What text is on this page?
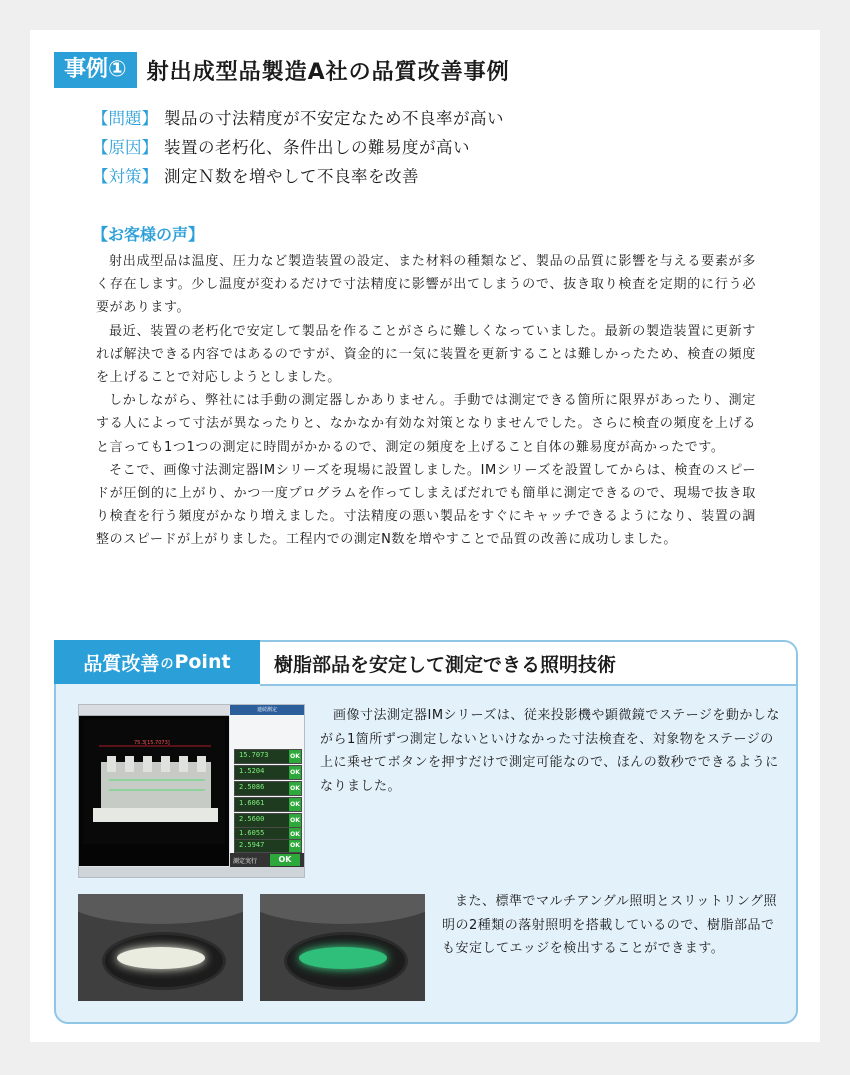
事例① 射出成型品製造A社の品質改善事例
【問題】 製品の寸法精度が不安定なため不良率が高い
【原因】 装置の老朽化、条件出しの難易度が高い
【対策】 測定Ｎ数を増やして不良率を改善
【お客様の声】

射出成型品は温度、圧力など製造装置の設定、また材料の種類など、製品の品質に影響を与える要素が多く存在します。少し温度が変わるだけで寸法精度に影響が出てしまうので、抜き取り検査を定期的に行う必要があります。

最近、装置の老朽化で安定して製品を作ることがさらに難しくなっていました。最新の製造装置に更新すれば解決できる内容ではあるのですが、資金的に一気に装置を更新することは難しかったため、検査の頻度を上げることで対応しようとしました。

しかしながら、弊社には手動の測定器しかありません。手動では測定できる箇所に限界があったり、測定する人によって寸法が異なったりと、なかなか有効な対策となりませんでした。さらに検査の頻度を上げると言っても1つ1つの測定に時間がかかるので、測定の頻度を上げること自体の難易度が高かったです。

そこで、画像寸法測定器IMシリーズを現場に設置しました。IMシリーズを設置してからは、検査のスピードが圧倒的に上がり、かつ一度プログラムを作ってしまえばだれでも簡単に測定できるので、現場で抜き取り検査を行う頻度がかなり増えました。寸法精度の悪い製品をすぐにキャッチできるようになり、装置の調整のスピードが上がりました。工程内での測定N数を増やすことで品質の改善に成功しました。

品質改善 の Point 樹脂部品を安定して測定できる照明技術
75.3[15.7073]
連続測定
15.7073	OK
1.5204	OK
2.5086	OK
1.6061	OK
2.5600	OK
1.6055	OK
2.5947	OK
測定実行	OK

画像寸法測定器IMシリーズは、従来投影機や顕微鏡でステージを動かしながら1箇所ずつ測定しないといけなかった寸法検査を、対象物をステージの上に乗せてボタンを押すだけで測定可能なので、ほんの数秒でできるようになりました。

また、標準でマルチアングル照明とスリットリング照明の2種類の落射照明を搭載しているので、樹脂部品でも安定してエッジを検出することができます。
